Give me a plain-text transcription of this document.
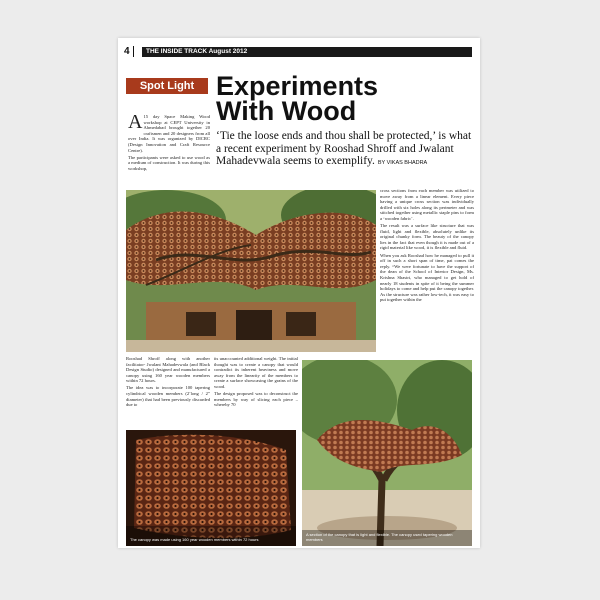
4	THE INSIDE TRACK August 2012
Spot Light Experiments
With Wood
‘Tie the loose ends and thou shall be protected,’ is what a recent experiment by Rooshad Shroff and Jwalant Mahadevwala seems to exemplify. BY VIKAS BHADRA

A 15 day Space Making Wood workshop at CEPT University in Ahmedabad brought together 20 craftsmen and 20 designers from all over India. It was organized by DICRC (Design Innovation and Craft Resource Centre).

The participants were asked to use wood as a medium of construction. It was during this workshop,

cross sections from each member was utilized to move away from a linear element. Every piece having a unique cross section was individually drilled with six holes along its perimeter and was stitched together using metallic staple pins to form a ‘wooden fabric’.

The result was a surface like structure that was fluid, light and flexible, absolutely unlike its original chunky form. The beauty of the canopy lies in the fact that even though it is made out of a rigid material like wood, it is flexible and fluid.

When you ask Rooshad how he managed to pull it off in such a short span of time, pat comes the reply. “We were fortunate to have the support of the dean of the School of Interior Design, Ms. Krishna Shastri, who managed to get hold of nearly 18 students in spite of it being the summer holidays to come and help put the canopy together. As the structure was rather low-tech, it was easy to put together within the

Rooshad Shroff along with another facilitator- Jwalant Mahadevwala (and Black Design Studio) designed and manufactured a canopy using 160 year wooden members within 72 hours.

The idea was to incorporate 100 tapering cylindrical wooden members (2’long / 2” diameter) that had been previously discarded due to

its unaccounted additional weight. The initial thought was to create a canopy that would contradict its inherent heaviness and move away from the linearity of the members to create a surface showcasing the grains of the wood.

The design proposed was to deconstruct the members by way of slicing each piece – whereby 70

The canopy was made using 160 year wooden members within 72 hours
A section of the canopy that is light and flexible. The canopy used tapering wooden members
